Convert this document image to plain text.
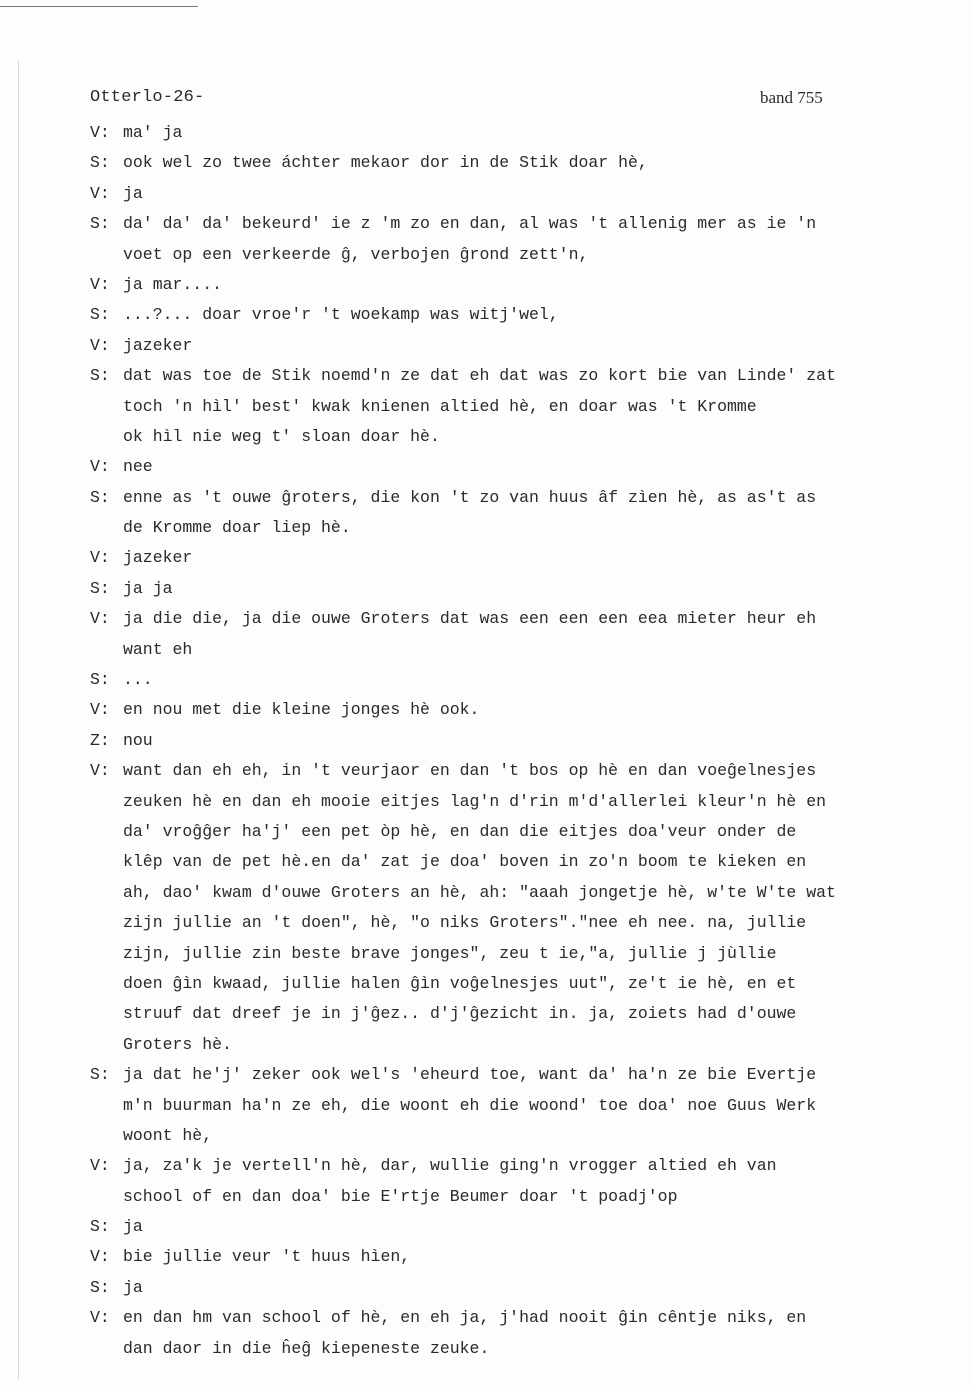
Otterlo-26-	band 755
V: ma' ja
S: ook wel zo twee áchter mekaor dor in de Stik doar hè,
V: ja
S: da' da' da' bekeurd' ie z 'm zo en dan, al was 't allenig mer as ie 'n
voet op een verkeerde ĝ, verbojen ĝrond zett'n,
V: ja mar....
S: ...?... doar vroe'r 't woekamp was witj'wel,
V: jazeker
S: dat was toe de Stik noemd'n ze dat eh dat was zo kort bie van Linde' zat
toch 'n hìl' best' kwak knienen altied hè, en doar was 't Kromme
ok hìl nie weg t' sloan doar hè.
V: nee
S: enne as 't ouwe ĝroters, die kon 't zo van huus âf zìen hè, as as't as
de Kromme doar liep hè.
V: jazeker
S: ja ja
V: ja die die, ja die ouwe Groters dat was een een een eea mieter heur eh
want eh
S: ...
V: en nou met die kleine jonges hè ook.
Z: nou
V: want dan eh eh, in 't veurjaor en dan 't bos op hè en dan voeĝelnesjes
zeuken hè en dan eh mooie eitjes lag'n d'rin m'd'allerlei kleur'n hè en
da' vroĝĝer ha'j' een pet òp hè, en dan die eitjes doa'veur onder de
klêp van de pet hè.en da' zat je doa' boven in zo'n boom te kieken en
ah, dao' kwam d'ouwe Groters an hè, ah: "aaah jongetje hè, w'te W'te wat
zijn jullie an 't doen", hè, "o niks Groters"."nee eh nee. na, jullie
zijn, jullie zin beste brave jonges", zeu t ie,"a, jullie j jùllie
doen ĝìn kwaad, jullie halen ĝìn voĝelnesjes uut", ze't ie hè, en et
struuf dat dreef je in j'ĝez.. d'j'ĝezicht in. ja, zoiets had d'ouwe
Groters hè.
S: ja dat he'j' zeker ook wel's 'eheurd toe, want da' ha'n ze bie Evertje
m'n buurman ha'n ze eh, die woont eh die woond' toe doa' noe Guus Werk
woont hè,
V: ja, za'k je vertell'n hè, dar, wullie ging'n vrogger altied eh van
school of en dan doa' bie E'rtje Beumer doar 't poadj'op
S: ja
V: bie jullie veur 't huus hìen,
S: ja
V: en dan hm van school of hè, en eh ja, j'had nooit ĝin cêntje niks, en
dan daor in die ĥeĝ kiepeneste zeuke.
